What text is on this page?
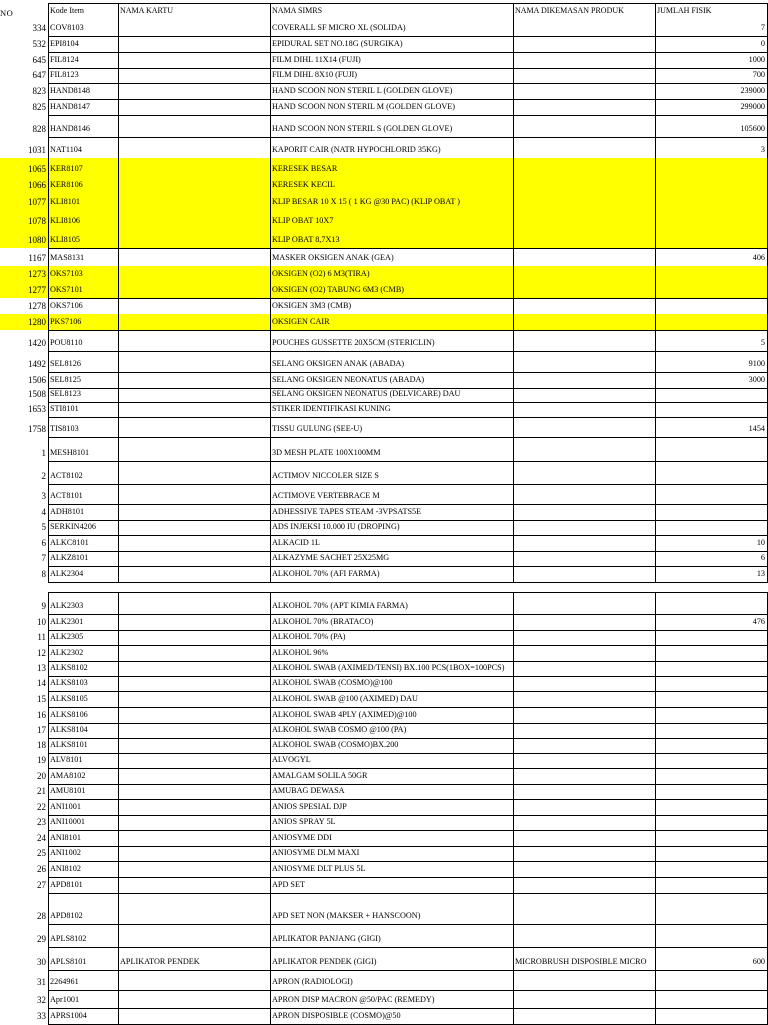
NO	Kode Item	NAMA KARTU	NAMA SIMRS	NAMA DIKEMASAN PRODUK	JUMLAH FISIK
334 COV8103	COVERALL SF MICRO XL (SOLIDA)	7
532 EPI8104	EPIDURAL SET NO.18G (SURGIKA)	0
645 FIL8124	FILM DIHL 11X14 (FUJI)	1000
647 FIL8123	FILM DIHL 8X10 (FUJI)	700
823 HAND8148	HAND SCOON NON STERIL L (GOLDEN GLOVE)	239000
825 HAND8147	HAND SCOON NON STERIL M (GOLDEN GLOVE)	299000
828 HAND8146	HAND SCOON NON STERIL S (GOLDEN GLOVE)	105600
1031 NAT1104	KAPORIT CAIR (NATR HYPOCHLORID 35KG)	3
1065 KER8107	KERESEK BESAR
1066 KER8106	KERESEK KECIL
1077 KLI8101	KLIP BESAR 10 X 15 ( 1 KG @30 PAC) (KLIP OBAT )
1078 KLI8106	KLIP OBAT 10X7
1080 KLI8105	KLIP OBAT 8,7X13
1167 MAS8131	MASKER OKSIGEN ANAK (GEA)	406
1273 OKS7103	OKSIGEN (O2) 6 M3(TIRA)
1277 OKS7101	OKSIGEN (O2) TABUNG 6M3 (CMB)
1278 OKS7106	OKSIGEN 3M3 (CMB)
1280 PKS7106	OKSIGEN CAIR
1420 POU8110	POUCHES GUSSETTE 20X5CM (STERICLIN)	5
1492 SEL8126	SELANG OKSIGEN ANAK (ABADA)	9100
1506 SEL8125	SELANG OKSIGEN NEONATUS (ABADA)	3000
1508 SEL8123	SELANG OKSIGEN NEONATUS (DELVICARE) DAU
1653 STI8101	STIKER IDENTIFIKASI KUNING
1758 TIS8103	TISSU GULUNG (SEE-U)	1454
1 MESH8101	3D MESH PLATE 100X100MM
2 ACT8102	ACTIMOV NICCOLER SIZE S
3 ACT8101	ACTIMOVE VERTEBRACE M
4 ADH8101	ADHESSIVE TAPES STEAM -3VPSATS5E
5 SERKIN4206	ADS INJEKSI 10.000 IU (DROPING)
6 ALKC8101	ALKACID 1L	10
7 ALKZ8101	ALKAZYME SACHET 25X25MG	6
8 ALK2304	ALKOHOL 70% (AFI FARMA)	13
9 ALK2303	ALKOHOL 70% (APT KIMIA FARMA)
10 ALK2301	ALKOHOL 70% (BRATACO)	476
11 ALK2305	ALKOHOL 70% (PA)
12 ALK2302	ALKOHOL 96%
13 ALKS8102	ALKOHOL SWAB (AXIMED/TENSI) BX.100 PCS(1BOX=100PCS)
14 ALKS8103	ALKOHOL SWAB (COSMO)@100
15 ALKS8105	ALKOHOL SWAB @100 (AXIMED) DAU
16 ALKS8106	ALKOHOL SWAB 4PLY (AXIMED)@100
17 ALKS8104	ALKOHOL SWAB COSMO @100 (PA)
18 ALKS8101	ALKOHOL SWAB (COSMO)BX.200
19 ALV8101	ALVOGYL
20 AMA8102	AMALGAM SOLILA 50GR
21 AMU8101	AMUBAG DEWASA
22 ANI1001	ANIOS SPESIAL DJP
23 ANI10001	ANIOS SPRAY 5L
24 ANI8101	ANIOSYME DDI
25 ANI1002	ANIOSYME DLM MAXI
26 ANI8102	ANIOSYME DLT PLUS 5L
27 APD8101	APD SET
28 APD8102	APD SET NON (MAKSER + HANSCOON)
29 APLS8102	APLIKATOR PANJANG (GIGI)
30 APLS8101	APLIKATOR PENDEK	APLIKATOR PENDEK (GIGI)	MICROBRUSH DISPOSIBLE MICRO	600
31 2264961	APRON (RADIOLOGI)
32 Apr1001	APRON DISP MACRON @50/PAC (REMEDY)
33 APRS1004	APRON DISPOSIBLE (COSMO)@50
